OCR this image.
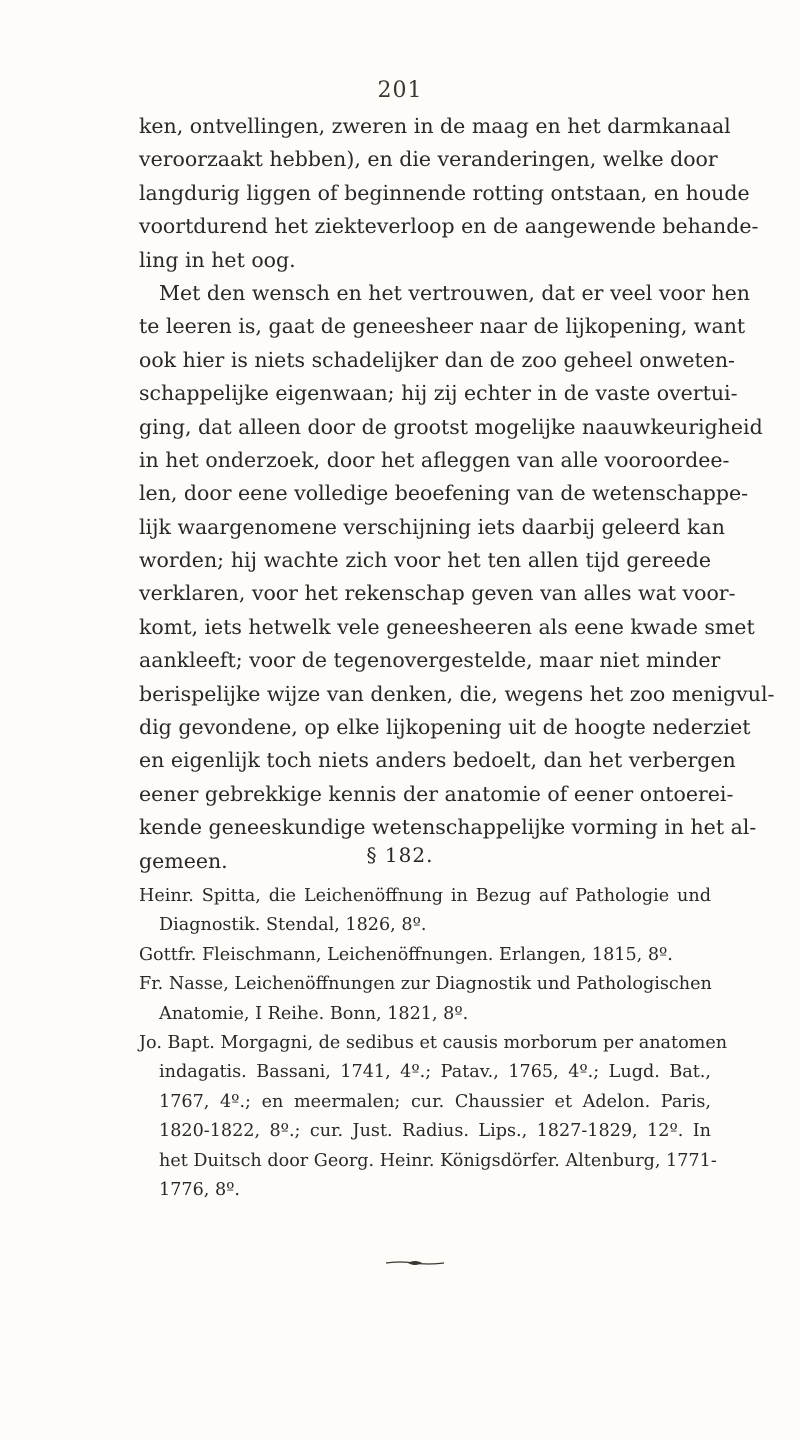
201
ken, ontvellingen, zweren in de maag en het darmkanaal
veroorzaakt hebben), en die veranderingen, welke door
langdurig liggen of beginnende rotting ontstaan, en houde
voortdurend het ziekteverloop en de aangewende behande-
ling in het oog.
Met den wensch en het vertrouwen, dat er veel voor hen
te leeren is, gaat de geneesheer naar de lijkopening, want
ook hier is niets schadelijker dan de zoo geheel onweten-
schappelijke eigenwaan; hij zij echter in de vaste overtui-
ging, dat alleen door de grootst mogelijke naauwkeurigheid
in het onderzoek, door het afleggen van alle vooroordee-
len, door eene volledige beoefening van de wetenschappe-
lijk waargenomene verschijning iets daarbij geleerd kan
worden; hij wachte zich voor het ten allen tijd gereede
verklaren, voor het rekenschap geven van alles wat voor-
komt, iets hetwelk vele geneesheeren als eene kwade smet
aankleeft; voor de tegenovergestelde, maar niet minder
berispelijke wijze van denken, die, wegens het zoo menigvul-
dig gevondene, op elke lijkopening uit de hoogte nederziet
en eigenlijk toch niets anders bedoelt, dan het verbergen
eener gebrekkige kennis der anatomie of eener ontoerei-
kende geneeskundige wetenschappelijke vorming in het al-
gemeen.	§ 182.
Heinr. Spitta, die Leichenöffnung in Bezug auf Pathologie und
Diagnostik. Stendal, 1826, 8º.
Gottfr. Fleischmann, Leichenöffnungen. Erlangen, 1815, 8º.
Fr. Nasse, Leichenöffnungen zur Diagnostik und Pathologischen
Anatomie, I Reihe. Bonn, 1821, 8º.
Jo. Bapt. Morgagni, de sedibus et causis morborum per anatomen
indagatis. Bassani, 1741, 4º.; Patav., 1765, 4º.; Lugd. Bat.,
1767, 4º.; en meermalen; cur. Chaussier et Adelon. Paris,
1820-1822, 8º.; cur. Just. Radius. Lips., 1827-1829, 12º. In
het Duitsch door Georg. Heinr. Königsdörfer. Altenburg, 1771-
1776, 8º.
